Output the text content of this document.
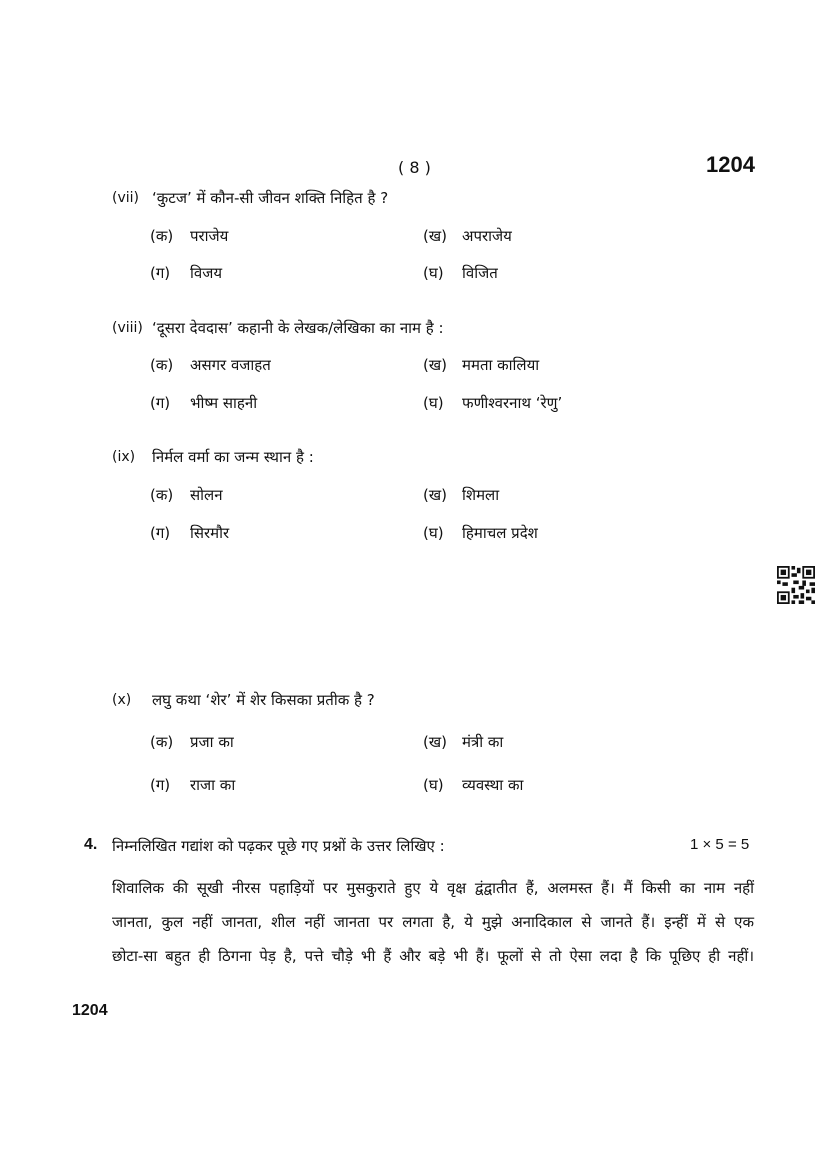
( 8 )	1204
(vii) ‘कुटज’ में कौन-सी जीवन शक्ति निहित है ?
(क) पराजेय	(ख) अपराजेय
(ग) विजय	(घ) विजित
(viii) ‘दूसरा देवदास’ कहानी के लेखक/लेखिका का नाम है :
(क) असगर वजाहत	(ख) ममता कालिया
(ग) भीष्म साहनी	(घ) फणीश्वरनाथ ‘रेणु’
(ix) निर्मल वर्मा का जन्म स्थान है :
(क) सोलन	(ख) शिमला
(ग) सिरमौर	(घ) हिमाचल प्रदेश
(x) लघु कथा ‘शेर’ में शेर किसका प्रतीक है ?
(क) प्रजा का	(ख) मंत्री का
(ग) राजा का	(घ) व्यवस्था का
4. निम्नलिखित गद्यांश को पढ़कर पूछे गए प्रश्नों के उत्तर लिखिए :	1 × 5 = 5
शिवालिक की सूखी नीरस पहाड़ियों पर मुसकुराते हुए ये वृक्ष द्वंद्वातीत हैं, अलमस्त हैं। मैं किसी का नाम नहीं
जानता, कुल नहीं जानता, शील नहीं जानता पर लगता है, ये मुझे अनादिकाल से जानते हैं। इन्हीं में से एक
छोटा-सा बहुत ही ठिगना पेड़ है, पत्ते चौड़े भी हैं और बड़े भी हैं। फूलों से तो ऐसा लदा है कि पूछिए ही नहीं।
1204
